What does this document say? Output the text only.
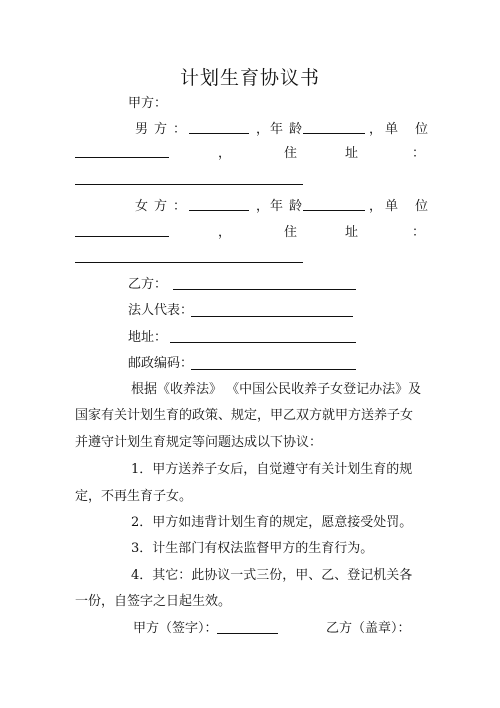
计划生育协议书
甲方：
男方：	， 年龄	， 单位
，	住址 ：
女方：	， 年龄	， 单位
，	住址 ：
乙方：
法人代表：
地址：
邮政编码：
根据《收养法》 《中国公民收养子女登记办法》及
国家有关计划生育的政策、规定，甲乙双方就甲方送养子女
并遵守计划生育规定等问题达成以下协议：
1．甲方送养子女后，自觉遵守有关计划生育的规
定，不再生育子女。
2．甲方如违背计划生育的规定，愿意接受处罚。
3．计生部门有权法监督甲方的生育行为。
4．其它：此协议一式三份，甲、乙、登记机关各
一份，自签字之日起生效。
甲方（签字）：	乙方（盖章）：
